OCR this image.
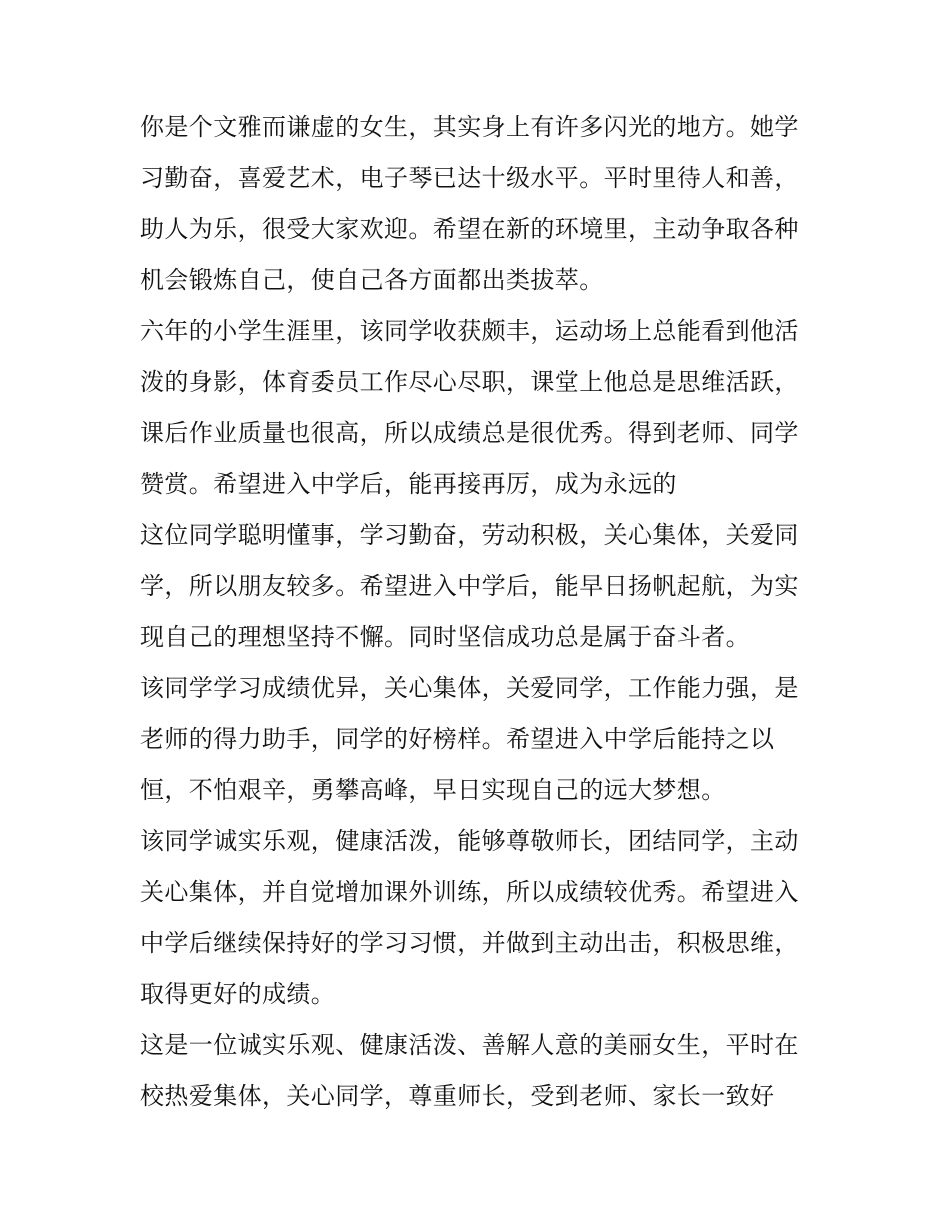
你是个文雅而谦虚的女生，其实身上有许多闪光的地方。她学
习勤奋，喜爱艺术，电子琴已达十级水平。平时里待人和善，
助人为乐，很受大家欢迎。希望在新的环境里，主动争取各种
机会锻炼自己，使自己各方面都出类拔萃。
六年的小学生涯里，该同学收获颇丰，运动场上总能看到他活
泼的身影，体育委员工作尽心尽职，课堂上他总是思维活跃，
课后作业质量也很高，所以成绩总是很优秀。得到老师、同学
赞赏。希望进入中学后，能再接再厉，成为永远的
这位同学聪明懂事，学习勤奋，劳动积极，关心集体，关爱同
学，所以朋友较多。希望进入中学后，能早日扬帆起航，为实
现自己的理想坚持不懈。同时坚信成功总是属于奋斗者。
该同学学习成绩优异，关心集体，关爱同学，工作能力强，是
老师的得力助手，同学的好榜样。希望进入中学后能持之以
恒，不怕艰辛，勇攀高峰，早日实现自己的远大梦想。
该同学诚实乐观，健康活泼，能够尊敬师长，团结同学，主动
关心集体，并自觉增加课外训练，所以成绩较优秀。希望进入
中学后继续保持好的学习习惯，并做到主动出击，积极思维，
取得更好的成绩。
这是一位诚实乐观、健康活泼、善解人意的美丽女生，平时在
校热爱集体，关心同学，尊重师长，受到老师、家长一致好
